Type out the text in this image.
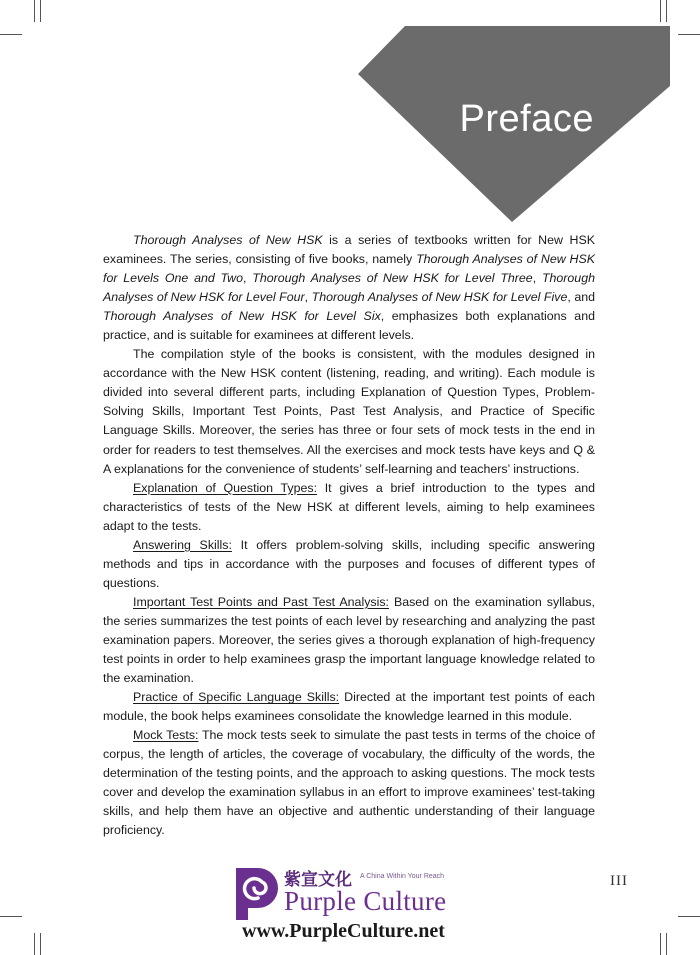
Preface

Thorough Analyses of New HSK is a series of textbooks written for New HSK examinees. The series, consisting of five books, namely Thorough Analyses of New HSK for Levels One and Two, Thorough Analyses of New HSK for Level Three, Thorough Analyses of New HSK for Level Four, Thorough Analyses of New HSK for Level Five, and Thorough Analyses of New HSK for Level Six, emphasizes both explanations and practice, and is suitable for examinees at different levels.

The compilation style of the books is consistent, with the modules designed in accordance with the New HSK content (listening, reading, and writing). Each module is divided into several different parts, including Explanation of Question Types, Problem-Solving Skills, Important Test Points, Past Test Analysis, and Practice of Specific Language Skills. Moreover, the series has three or four sets of mock tests in the end in order for readers to test themselves. All the exercises and mock tests have keys and Q & A explanations for the convenience of students’ self-learning and teachers’ instructions.

Explanation of Question Types: It gives a brief introduction to the types and characteristics of tests of the New HSK at different levels, aiming to help examinees adapt to the tests.

Answering Skills: It offers problem-solving skills, including specific answering methods and tips in accordance with the purposes and focuses of different types of questions.

Important Test Points and Past Test Analysis: Based on the examination syllabus, the series summarizes the test points of each level by researching and analyzing the past examination papers. Moreover, the series gives a thorough explanation of high-frequency test points in order to help examinees grasp the important language knowledge related to the examination.

Practice of Specific Language Skills: Directed at the important test points of each module, the book helps examinees consolidate the knowledge learned in this module.

Mock Tests: The mock tests seek to simulate the past tests in terms of the choice of corpus, the length of articles, the coverage of vocabulary, the difficulty of the words, the determination of the testing points, and the approach to asking questions. The mock tests cover and develop the examination syllabus in an effort to improve examinees’ test-taking skills, and help them have an objective and authentic understanding of their language proficiency.

III
紫宣文化 A China Within Your Reach
Purple Culture
www.PurpleCulture.net
